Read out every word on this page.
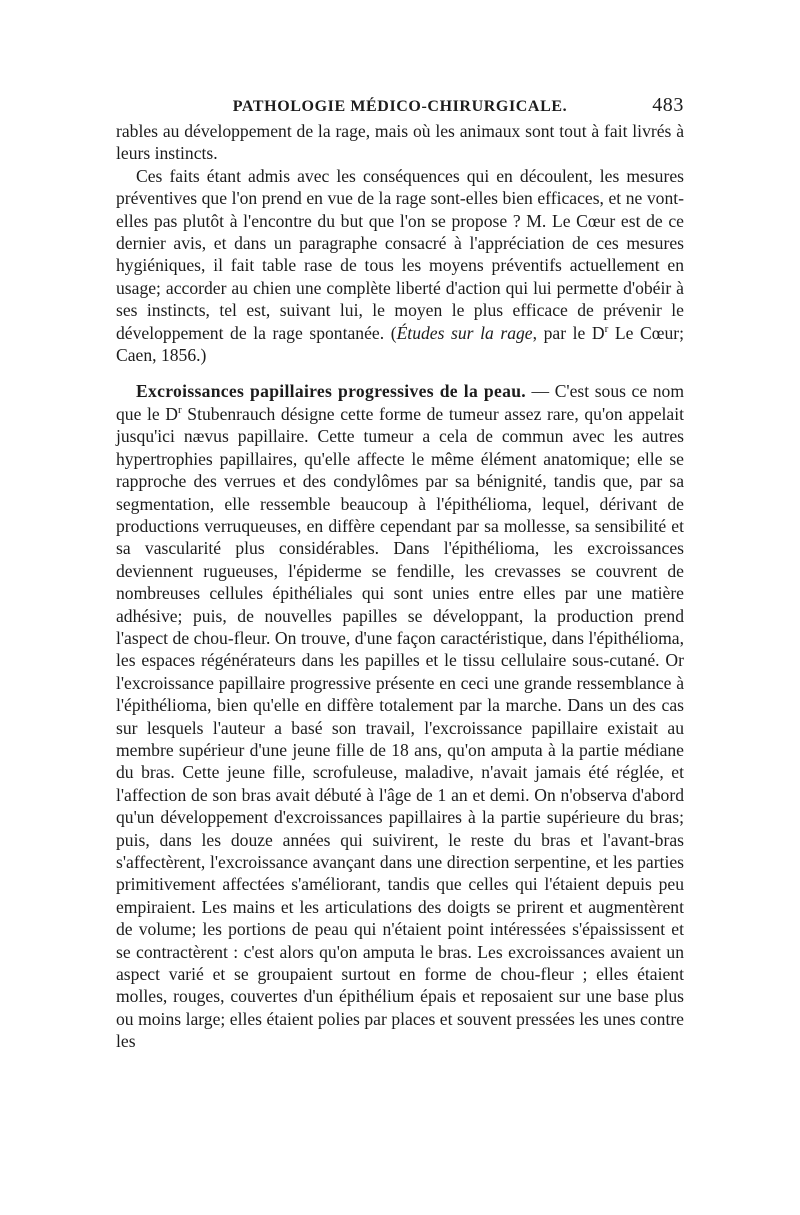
PATHOLOGIE MÉDICO-CHIRURGICALE.	483

rables au développement de la rage, mais où les animaux sont tout à fait livrés à leurs instincts.

Ces faits étant admis avec les conséquences qui en découlent, les mesures préventives que l'on prend en vue de la rage sont-elles bien efficaces, et ne vont-elles pas plutôt à l'encontre du but que l'on se propose ? M. Le Cœur est de ce dernier avis, et dans un paragraphe consacré à l'appréciation de ces mesures hygiéniques, il fait table rase de tous les moyens préventifs actuellement en usage; accorder au chien une complète liberté d'action qui lui permette d'obéir à ses instincts, tel est, suivant lui, le moyen le plus efficace de prévenir le développement de la rage spontanée. (Études sur la rage, par le $D^r$ Le Cœur; Caen, 1856.)

Excroissances papillaires progressives de la peau. — C'est sous ce nom que le $D^r$ Stubenrauch désigne cette forme de tumeur assez rare, qu'on appelait jusqu'ici nævus papillaire. Cette tumeur a cela de commun avec les autres hypertrophies papillaires, qu'elle affecte le même élément anatomique; elle se rapproche des verrues et des condylômes par sa bénignité, tandis que, par sa segmentation, elle ressemble beaucoup à l'épithélioma, lequel, dérivant de productions verruqueuses, en diffère cependant par sa mollesse, sa sensibilité et sa vascularité plus considérables. Dans l'épithélioma, les excroissances deviennent rugueuses, l'épiderme se fendille, les crevasses se couvrent de nombreuses cellules épithéliales qui sont unies entre elles par une matière adhésive; puis, de nouvelles papilles se développant, la production prend l'aspect de chou-fleur. On trouve, d'une façon caractéristique, dans l'épithélioma, les espaces régénérateurs dans les papilles et le tissu cellulaire sous-cutané. Or l'excroissance papillaire progressive présente en ceci une grande ressemblance à l'épithélioma, bien qu'elle en diffère totalement par la marche. Dans un des cas sur lesquels l'auteur a basé son travail, l'excroissance papillaire existait au membre supérieur d'une jeune fille de 18 ans, qu'on amputa à la partie médiane du bras. Cette jeune fille, scrofuleuse, maladive, n'avait jamais été réglée, et l'affection de son bras avait débuté à l'âge de 1 an et demi. On n'observa d'abord qu'un développement d'excroissances papillaires à la partie supérieure du bras; puis, dans les douze années qui suivirent, le reste du bras et l'avant-bras s'affectèrent, l'excroissance avançant dans une direction serpentine, et les parties primitivement affectées s'améliorant, tandis que celles qui l'étaient depuis peu empiraient. Les mains et les articulations des doigts se prirent et augmentèrent de volume; les portions de peau qui n'étaient point intéressées s'épaississent et se contractèrent : c'est alors qu'on amputa le bras. Les excroissances avaient un aspect varié et se groupaient surtout en forme de chou-fleur ; elles étaient molles, rouges, couvertes d'un épithélium épais et reposaient sur une base plus ou moins large; elles étaient polies par places et souvent pressées les unes contre les
